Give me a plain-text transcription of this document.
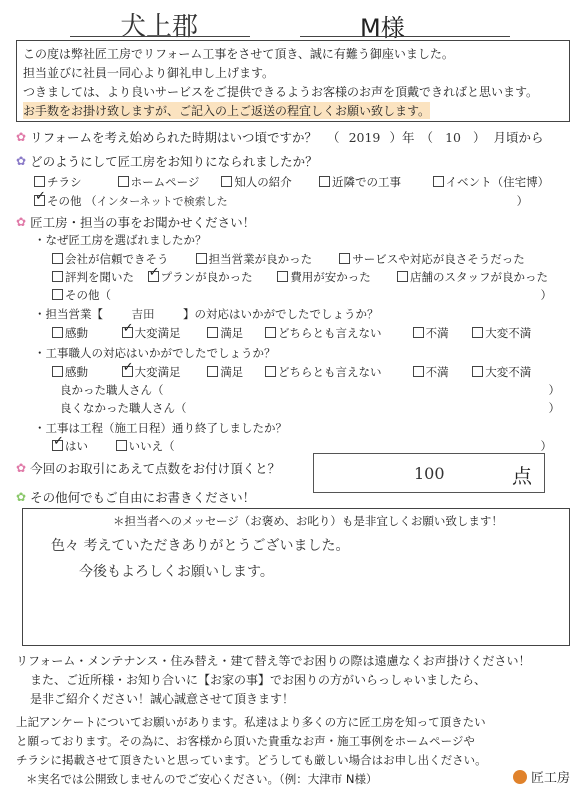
犬上郡	M様
この度は弊社匠工房でリフォーム工事をさせて頂き、誠に有難う御座いました。
担当並びに社員一同心より御礼申し上げます。
つきましては、より良いサービスをご提供できるようお客様のお声を頂戴できればと思います。
お手数をお掛け致しますが、ご記入の上ご返送の程宜しくお願い致します。
✿ リフォームを考え始められた時期はいつ頃ですか？ （ 2019 ） 年 （ 10 ） 月頃から
✿ どのようにして匠工房をお知りになられましたか？
チラシ	ホームページ	知人の紹介	近隣での工事	イベント（住宅博）
✓その他 （インターネットで検索した	）
✿ 匠工房・担当の事をお聞かせください！
・なぜ匠工房を選ばれましたか？
会社が信頼できそう	担当営業が良かった	サービスや対応が良さそうだった
評判を聞いた ✓ プランが良かった	費用が安かった	店舗のスタッフが良かった
その他（	）
・担当営業【 吉田 】の対応はいかがでしたでしょうか？
感動 ✓	大変満足	満足	どちらとも言えない	不満	大変不満
・工事職人の対応はいかがでしたでしょうか？
感動 ✓	大変満足	満足	どちらとも言えない	不満	大変不満
良かった職人さん（	）
良くなかった職人さん（	）
・工事は工程（施工日程）通り終了しましたか？
✓はい	いいえ（	）
✿ 今回のお取引にあえて点数をお付け頂くと？	100	点
✿ その他何でもご自由にお書きください！
＊担当者へのメッセージ（お褒め、お叱り）も是非宜しくお願い致します！
色々 考えていただきありがとうございました。
今後もよろしくお願いします。
リフォーム・メンテナンス・住み替え・建て替え等でお困りの際は遠慮なくお声掛けください！
また、ご近所様・お知り合いに【お家の事】でお困りの方がいらっしゃいましたら、
是非ご紹介ください！誠心誠意させて頂きます！
上記アンケートについてお願いがあります。私達はより多くの方に匠工房を知って頂きたい
と願っております。その為に、お客様から頂いた貴重なお声・施工事例をホームページや
チラシに掲載させて頂きたいと思っています。どうしても厳しい場合はお申し出ください。
＊実名では公開致しませんのでご安心ください。（例：大津市 N様）	匠工房
